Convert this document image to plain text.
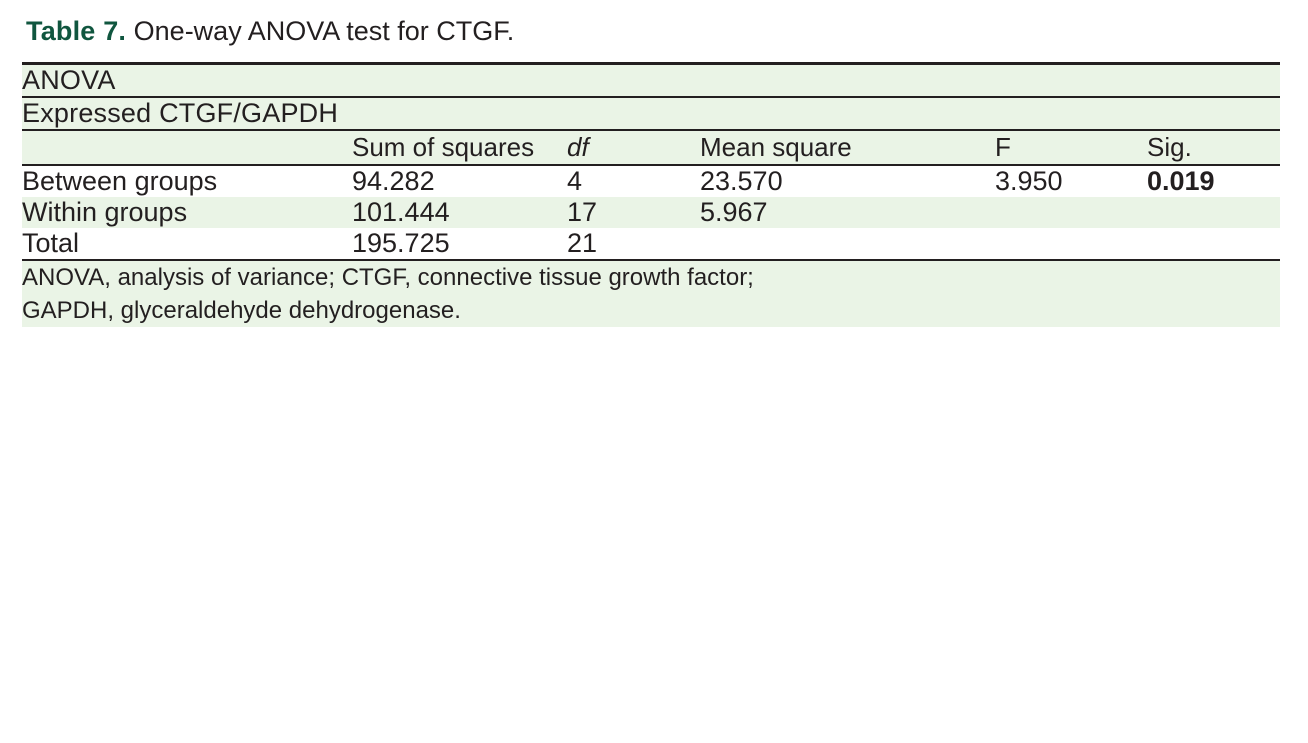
Table 7. One-way ANOVA test for CTGF.
ANOVA					
Expressed CTGF/GAPDH					
	Sum of squares	df	Mean square	F	Sig.
Between groups	94.282	4	23.570	3.950	0.019
Within groups	101.444	17	5.967		
Total	195.725	21			

ANOVA, analysis of variance; CTGF, connective tissue growth factor;
GAPDH, glyceraldehyde dehydrogenase.					
